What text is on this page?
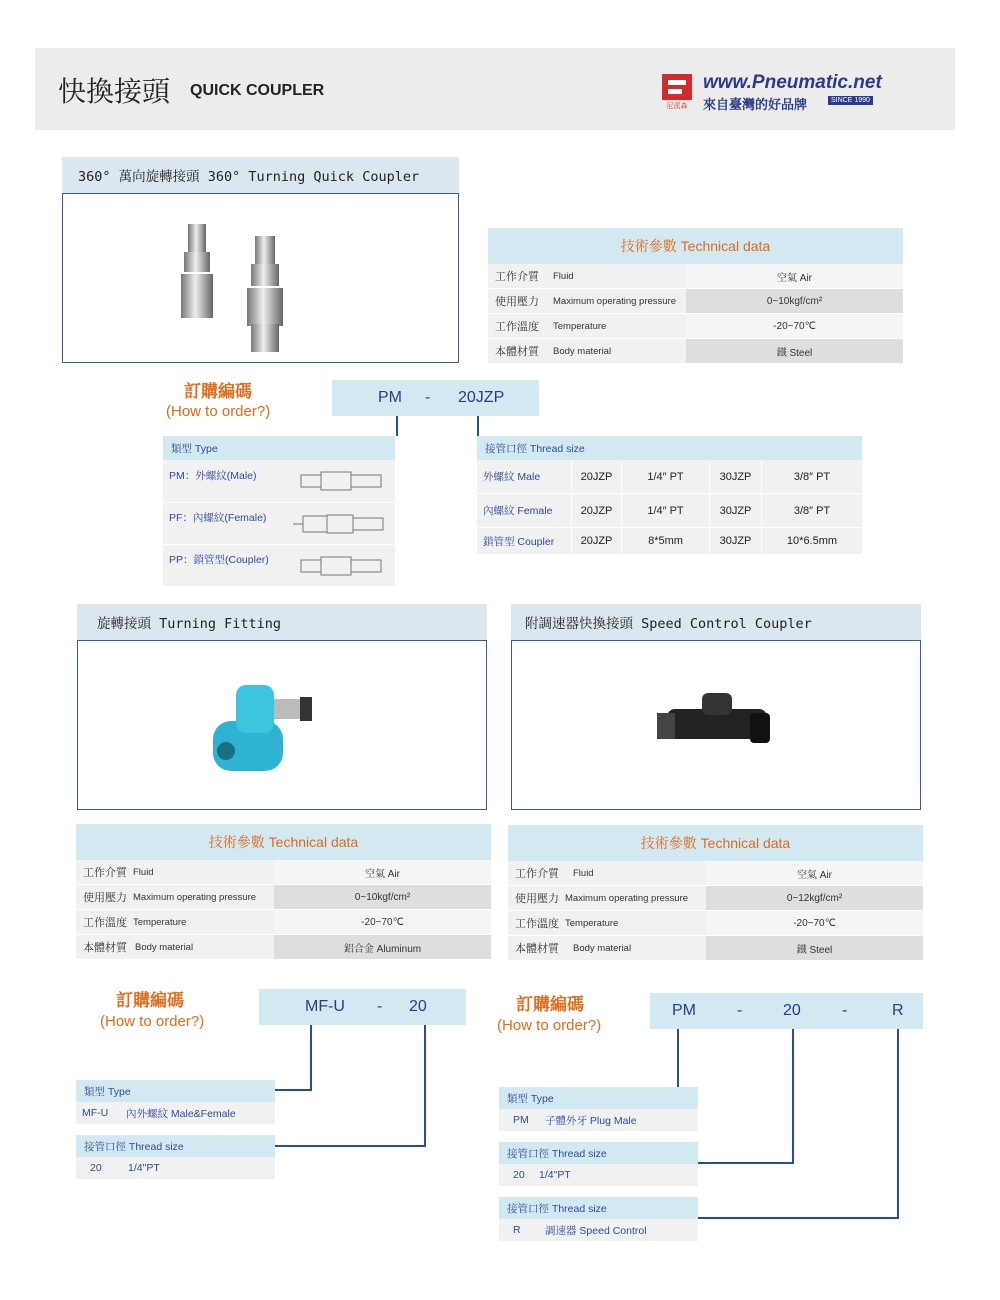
快換接頭 QUICK COUPLER
尼派森
www.Pneumatic.net
來自臺灣的好品牌	SINCE 1990
360° 萬向旋轉接頭 360° Turning Quick Coupler
技術參數 Technical data
工作介質 Fluid	空氣 Air
使用壓力 Maximum operating pressure	0~10kgf/cm²
工作溫度 Temperature	-20~70℃
本體材質 Body material	鐵 Steel
訂購編碼
(How to order?)
PM - 20JZP
類型 Type
PM：外螺紋(Male)
PF：內螺紋(Female)
PP：鎖管型(Coupler)
接管口徑 Thread size
外螺紋 Male	20JZP	1/4″ PT	30JZP	3/8″ PT
內螺紋 Female	20JZP	1/4″ PT	30JZP	3/8″ PT
鎖管型 Coupler	20JZP	8*5mm	30JZP	10*6.5mm
旋轉接頭 Turning Fitting	附調速器快換接頭 Speed Control Coupler
技術參數 Technical data
工作介質 Fluid	空氣 Air
使用壓力 Maximum operating pressure	0~10kgf/cm²
工作溫度 Temperature	-20~70℃
本體材質 Body material	鋁合金 Aluminum
技術參數 Technical data
工作介質 Fluid	空氣 Air
使用壓力 Maximum operating pressure	0~12kgf/cm²
工作溫度 Temperature	-20~70℃
本體材質 Body material	鐵 Steel
訂購編碼
(How to order?)
MF-U - 20
類型 Type
MF-U	內外螺紋 Male&Female
接管口徑 Thread size
20	1/4"PT
訂購編碼
(How to order?)
PM	-	20	-	R
類型 Type
PM	子體外牙 Plug Male
接管口徑 Thread size
20	1/4"PT
接管口徑 Thread size
R	調速器 Speed Control
